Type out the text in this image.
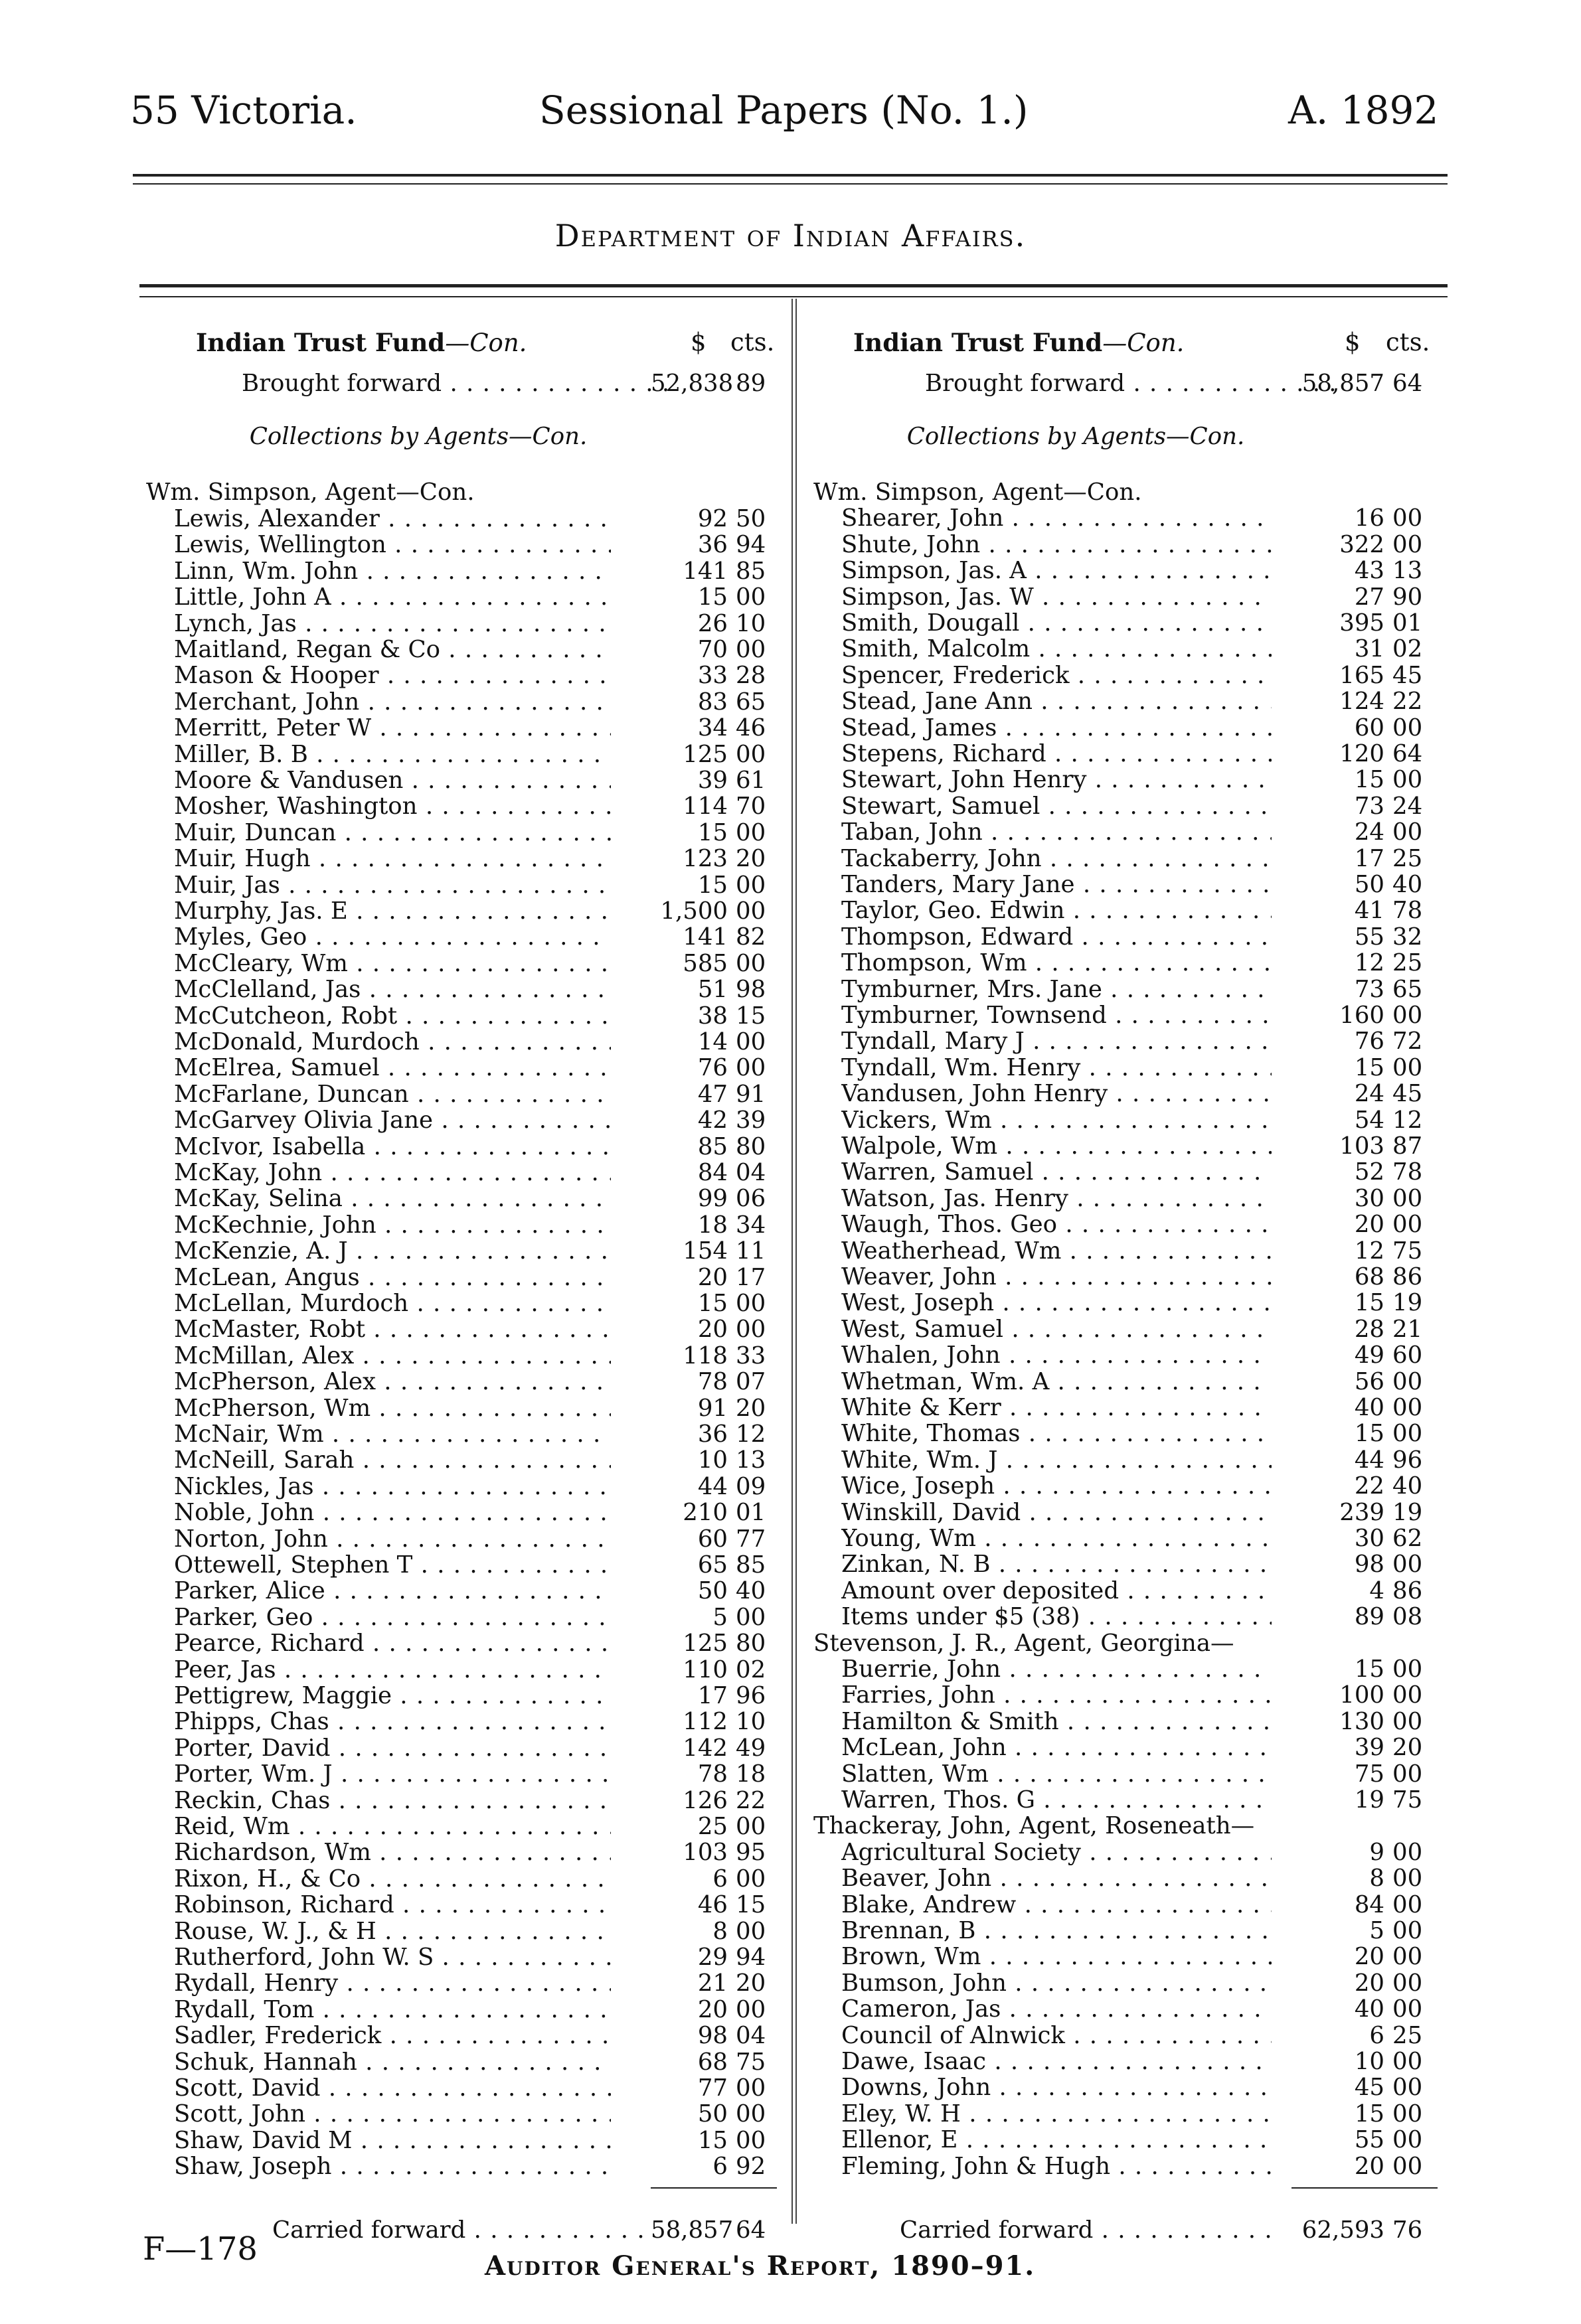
55 Victoria.	Sessional Papers (No. 1.)	A. 1892
Department of Indian Affairs.
Indian Trust Fund—Con.	$ cts.
Brought forward . . .	52,838 89
Collections by Agents—Con.
Wm. Simpson, Agent—Con.
Lewis, Alexander . . .	92 50
Lewis, Wellington . . .	36 94
Linn, Wm. John . . .	141 85
Little, John A . . .	15 00
Lynch, Jas . . .	26 10
Maitland, Regan & Co . . .	70 00
Mason & Hooper . . .	33 28
Merchant, John . . .	83 65
Merritt, Peter W . . .	34 46
Miller, B. B . . .	125 00
Moore & Vandusen . . .	39 61
Mosher, Washington . . .	114 70
Muir, Duncan . . .	15 00
Muir, Hugh . . .	123 20
Muir, Jas . . .	15 00
Murphy, Jas. E . . .	1,500 00
Myles, Geo . . .	141 82
McCleary, Wm . . .	585 00
McClelland, Jas . . .	51 98
McCutcheon, Robt . . .	38 15
McDonald, Murdoch . . .	14 00
McElrea, Samuel . . .	76 00
McFarlane, Duncan . . .	47 91
McGarvey Olivia Jane . . .	42 39
McIvor, Isabella . . .	85 80
McKay, John . . .	84 04
McKay, Selina . . .	99 06
McKechnie, John . . .	18 34
McKenzie, A. J . . .	154 11
McLean, Angus . . .	20 17
McLellan, Murdoch . . .	15 00
McMaster, Robt . . .	20 00
McMillan, Alex . . .	118 33
McPherson, Alex . . .	78 07
McPherson, Wm . . .	91 20
McNair, Wm . . .	36 12
McNeill, Sarah . . .	10 13
Nickles, Jas . . .	44 09
Noble, John . . .	210 01
Norton, John . . .	60 77
Ottewell, Stephen T . . .	65 85
Parker, Alice . . .	50 40
Parker, Geo . . .	5 00
Pearce, Richard . . .	125 80
Peer, Jas . . .	110 02
Pettigrew, Maggie . . .	17 96
Phipps, Chas . . .	112 10
Porter, David . . .	142 49
Porter, Wm. J . . .	78 18
Reckin, Chas . . .	126 22
Reid, Wm . . .	25 00
Richardson, Wm . . .	103 95
Rixon, H., & Co . . .	6 00
Robinson, Richard . . .	46 15
Rouse, W. J., & H . . .	8 00
Rutherford, John W. S . . .	29 94
Rydall, Henry . . .	21 20
Rydall, Tom . . .	20 00
Sadler, Frederick . . .	98 04
Schuk, Hannah . . .	68 75
Scott, David . . .	77 00
Scott, John . . .	50 00
Shaw, David M . . .	15 00
Shaw, Joseph . . .	6 92
Carried forward . . .	58,857 64
Indian Trust Fund—Con.	$ cts.
Brought forward . . .	58,857 64
Collections by Agents—Con.
Wm. Simpson, Agent—Con.
Shearer, John . . .	16 00
Shute, John . . .	322 00
Simpson, Jas. A . . .	43 13
Simpson, Jas. W . . .	27 90
Smith, Dougall . . .	395 01
Smith, Malcolm . . .	31 02
Spencer, Frederick . . .	165 45
Stead, Jane Ann . . .	124 22
Stead, James . . .	60 00
Stepens, Richard . . .	120 64
Stewart, John Henry . . .	15 00
Stewart, Samuel . . .	73 24
Taban, John . . .	24 00
Tackaberry, John . . .	17 25
Tanders, Mary Jane . . .	50 40
Taylor, Geo. Edwin . . .	41 78
Thompson, Edward . . .	55 32
Thompson, Wm . . .	12 25
Tymburner, Mrs. Jane . . .	73 65
Tymburner, Townsend . . .	160 00
Tyndall, Mary J . . .	76 72
Tyndall, Wm. Henry . . .	15 00
Vandusen, John Henry . . .	24 45
Vickers, Wm . . .	54 12
Walpole, Wm . . .	103 87
Warren, Samuel . . .	52 78
Watson, Jas. Henry . . .	30 00
Waugh, Thos. Geo . . .	20 00
Weatherhead, Wm . . .	12 75
Weaver, John . . .	68 86
West, Joseph . . .	15 19
West, Samuel . . .	28 21
Whalen, John . . .	49 60
Whetman, Wm. A . . .	56 00
White & Kerr . . .	40 00
White, Thomas . . .	15 00
White, Wm. J . . .	44 96
Wice, Joseph . . .	22 40
Winskill, David . . .	239 19
Young, Wm . . .	30 62
Zinkan, N. B . . .	98 00
Amount over deposited . . .	4 86
Items under $5 (38) . . .	89 08
Stevenson, J. R., Agent, Georgina—
Buerrie, John . . .	15 00
Farries, John . . .	100 00
Hamilton & Smith . . .	130 00
McLean, John . . .	39 20
Slatten, Wm . . .	75 00
Warren, Thos. G . . .	19 75
Thackeray, John, Agent, Roseneath—
Agricultural Society . . .	9 00
Beaver, John . . .	8 00
Blake, Andrew . . .	84 00
Brennan, B . . .	5 00
Brown, Wm . . .	20 00
Bumson, John . . .	20 00
Cameron, Jas . . .	40 00
Council of Alnwick . . .	6 25
Dawe, Isaac . . .	10 00
Downs, John . . .	45 00
Eley, W. H . . .	15 00
Ellenor, E . . .	55 00
Fleming, John & Hugh . . .	20 00
Carried forward . . .	62,593 76
F—178	Auditor General's Report, 1890–91.
